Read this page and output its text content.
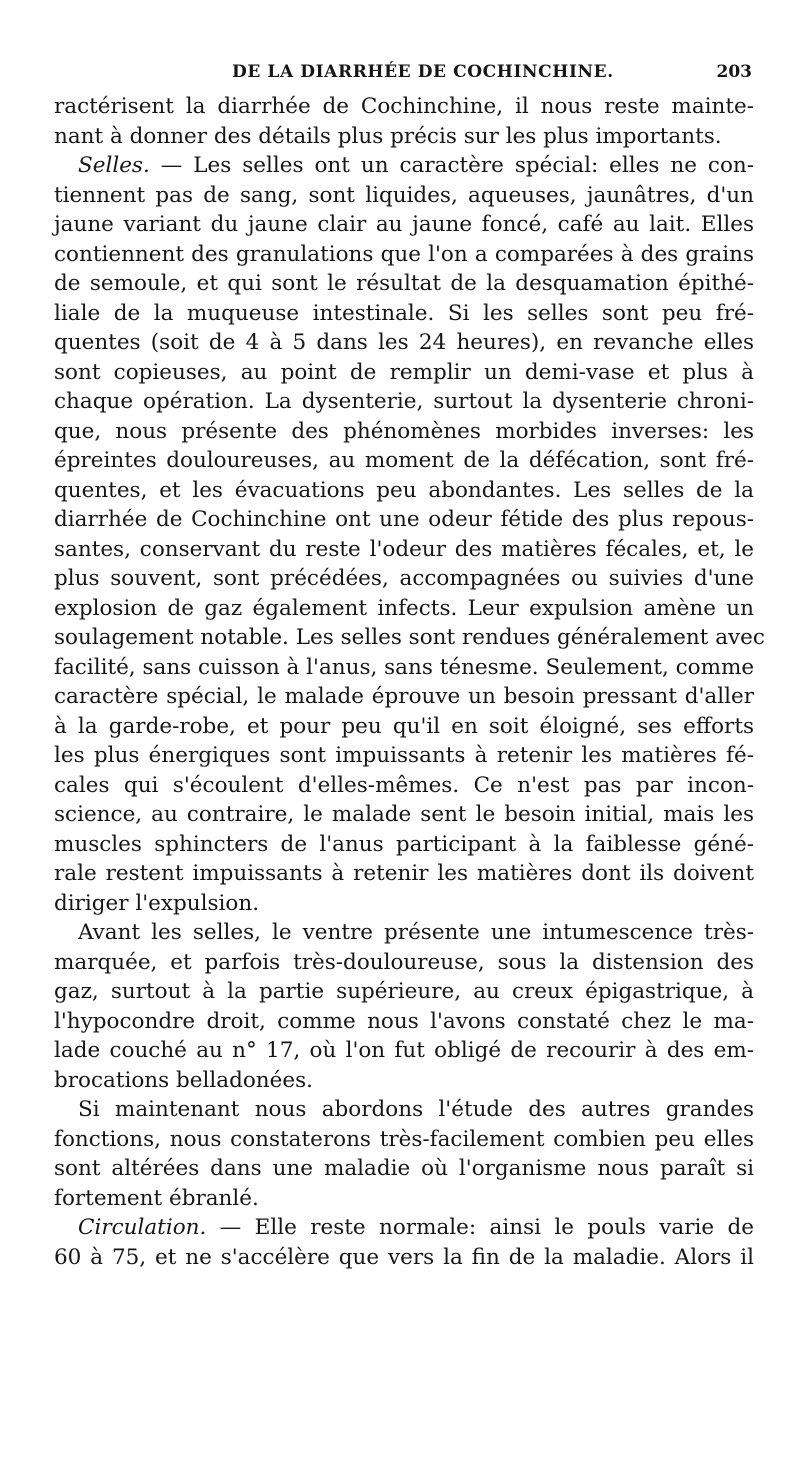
DE LA DIARRHÉE DE COCHINCHINE.	203
ractérisent la diarrhée de Cochinchine, il nous reste mainte-
nant à donner des détails plus précis sur les plus importants.
Selles. — Les selles ont un caractère spécial: elles ne con-
tiennent pas de sang, sont liquides, aqueuses, jaunâtres, d'un
jaune variant du jaune clair au jaune foncé, café au lait. Elles
contiennent des granulations que l'on a comparées à des grains
de semoule, et qui sont le résultat de la desquamation épithé-
liale de la muqueuse intestinale. Si les selles sont peu fré-
quentes (soit de 4 à 5 dans les 24 heures), en revanche elles
sont copieuses, au point de remplir un demi-vase et plus à
chaque opération. La dysenterie, surtout la dysenterie chroni-
que, nous présente des phénomènes morbides inverses: les
épreintes douloureuses, au moment de la défécation, sont fré-
quentes, et les évacuations peu abondantes. Les selles de la
diarrhée de Cochinchine ont une odeur fétide des plus repous-
santes, conservant du reste l'odeur des matières fécales, et, le
plus souvent, sont précédées, accompagnées ou suivies d'une
explosion de gaz également infects. Leur expulsion amène un
soulagement notable. Les selles sont rendues généralement avec
facilité, sans cuisson à l'anus, sans ténesme. Seulement, comme
caractère spécial, le malade éprouve un besoin pressant d'aller
à la garde-robe, et pour peu qu'il en soit éloigné, ses efforts
les plus énergiques sont impuissants à retenir les matières fé-
cales qui s'écoulent d'elles-mêmes. Ce n'est pas par incon-
science, au contraire, le malade sent le besoin initial, mais les
muscles sphincters de l'anus participant à la faiblesse géné-
rale restent impuissants à retenir les matières dont ils doivent
diriger l'expulsion.
Avant les selles, le ventre présente une intumescence très-
marquée, et parfois très-douloureuse, sous la distension des
gaz, surtout à la partie supérieure, au creux épigastrique, à
l'hypocondre droit, comme nous l'avons constaté chez le ma-
lade couché au n° 17, où l'on fut obligé de recourir à des em-
brocations belladonées.
Si maintenant nous abordons l'étude des autres grandes
fonctions, nous constaterons très-facilement combien peu elles
sont altérées dans une maladie où l'organisme nous paraît si
fortement ébranlé.
Circulation. — Elle reste normale: ainsi le pouls varie de
60 à 75, et ne s'accélère que vers la fin de la maladie. Alors il
